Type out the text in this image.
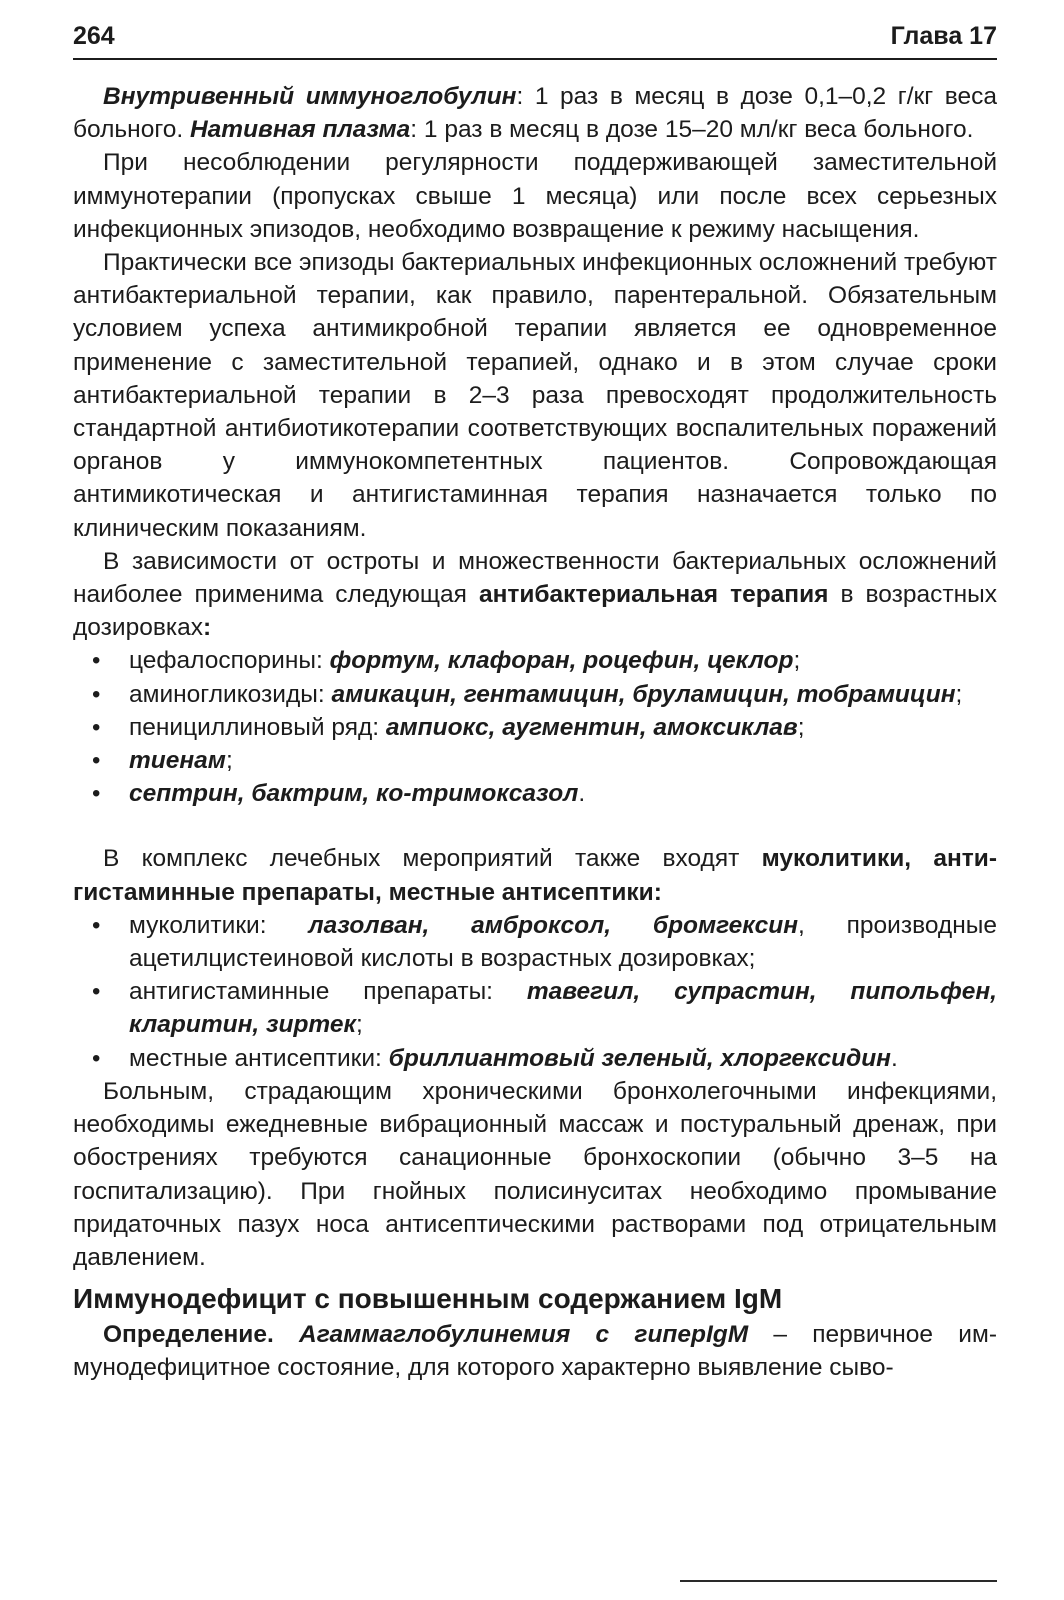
264	Глава 17

Внутривенный иммуноглобулин: 1 раз в месяц в дозе 0,1–0,2 г/кг веса больного. Нативная плазма: 1 раз в месяц в дозе 15–20 мл/кг веса больного.

При несоблюдении регулярности поддерживающей заместительной иммунотерапии (пропусках свыше 1 месяца) или после всех серьезных инфекционных эпизодов, необходимо возвращение к режиму насыщения.

Практически все эпизоды бактериальных инфекционных осложнений требуют антибактериальной терапии, как правило, парентеральной. Обязательным условием успеха антимикробной терапии является ее одновременное применение с заместительной терапией, однако и в этом случае сроки антибактериальной терапии в 2–3 раза превосходят продолжительность стандартной антибиотикотерапии соответствующих воспалительных поражений органов у иммунокомпетентных пациентов. Сопровождающая антимикотическая и антигистаминная терапия назначается только по клиническим показаниям.

В зависимости от остроты и множественности бактериальных осложнений наиболее применима следующая антибактериальная терапия в возрастных дозировках:

• цефалоспорины: фортум, клафоран, роцефин, цеклор;
• аминогликозиды: амикацин, гентамицин, бруламицин, тобрамицин;
• пенициллиновый ряд: ампиокс, аугментин, амоксиклав;
• тиенам;
• септрин, бактрим, ко-тримоксазол.

В комплекс лечебных мероприятий также входят муколитики, антигистаминные препараты, местные антисептики:

• муколитики: лазолван, амброксол, бромгексин, производные ацетилцистеиновой кислоты в возрастных дозировках;
• антигистаминные препараты: тавегил, супрастин, пипольфен, кларитин, зиртек;
• местные антисептики: бриллиантовый зеленый, хлоргексидин.

Больным, страдающим хроническими бронхолегочными инфекциями, необходимы ежедневные вибрационный массаж и постуральный дренаж, при обострениях требуются санационные бронхоскопии (обычно 3–5 на госпитализацию). При гнойных полисинуситах необходимо промывание придаточных пазух носа антисептическими растворами под отрицательным давлением.

Иммунодефицит с повышенным содержанием IgM

Определение. Агаммаглобулинемия с гиперIgM – первичное иммунодефицитное состояние, для которого характерно выявление сыво-
